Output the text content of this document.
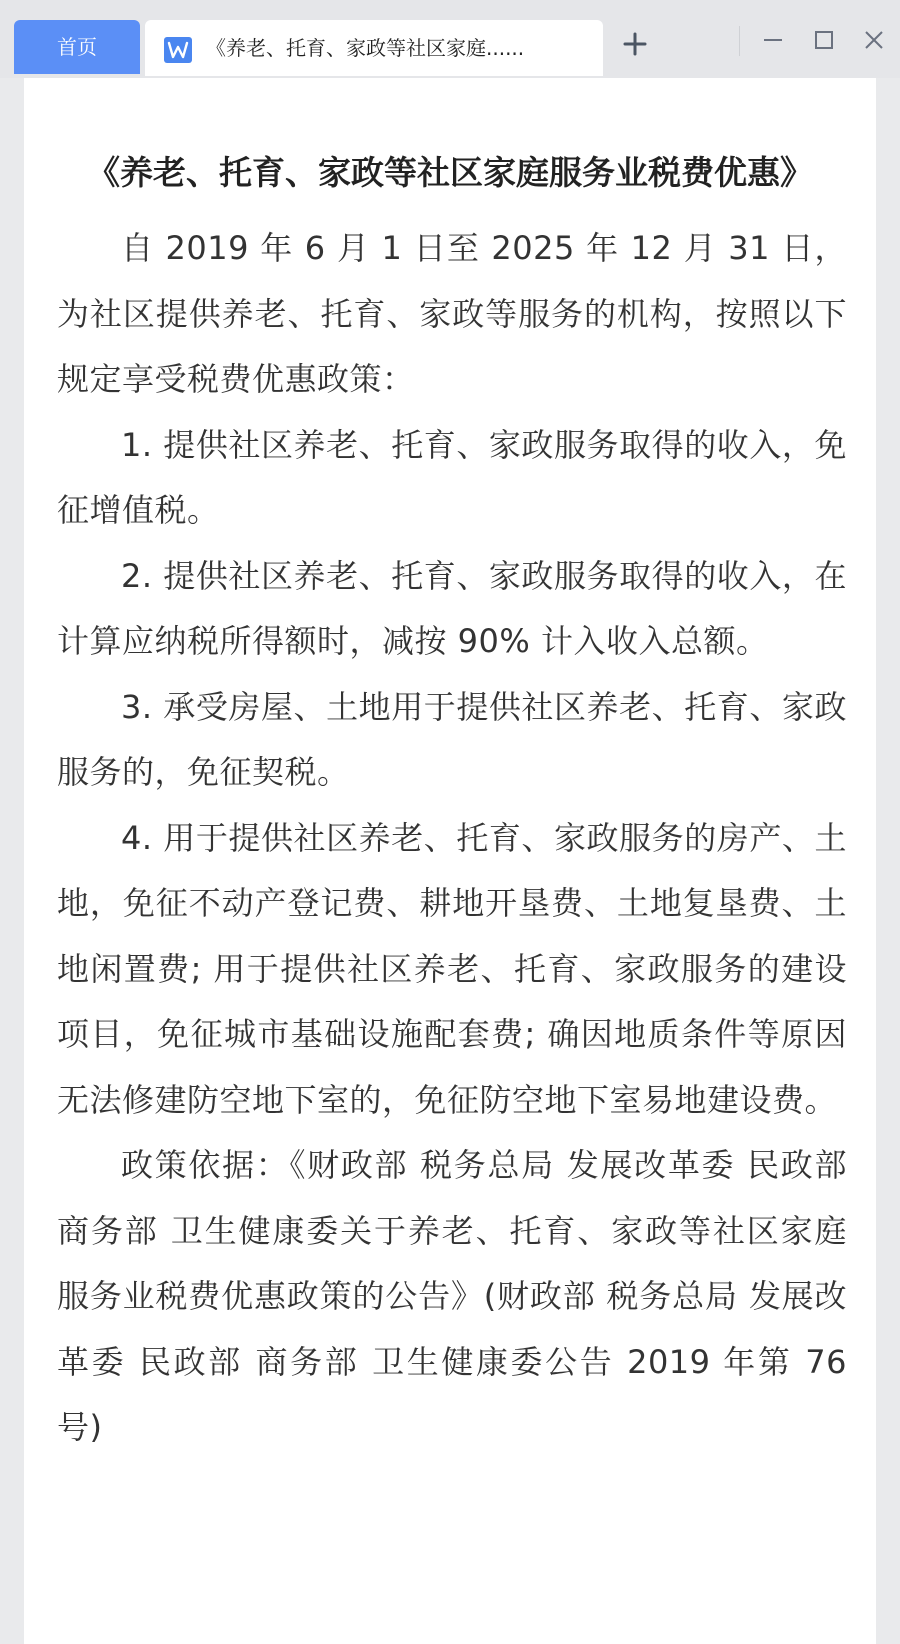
首页	《养老、托育、家政等社区家庭......
《养老、托育、家政等社区家庭服务业税费优惠》

自 2019 年 6 月 1 日至 2025 年 12 月 31 日，为社区提供养老、托育、家政等服务的机构，按照以下规定享受税费优惠政策：

1. 提供社区养老、托育、家政服务取得的收入，免征增值税。

2. 提供社区养老、托育、家政服务取得的收入，在计算应纳税所得额时，减按 90% 计入收入总额。

3. 承受房屋、土地用于提供社区养老、托育、家政服务的，免征契税。

4. 用于提供社区养老、托育、家政服务的房产、土地，免征不动产登记费、耕地开垦费、土地复垦费、土地闲置费; 用于提供社区养老、托育、家政服务的建设项目，免征城市基础设施配套费; 确因地质条件等原因无法修建防空地下室的，免征防空地下室易地建设费。

政策依据：《财政部 税务总局 发展改革委 民政部 商务部 卫生健康委关于养老、托育、家政等社区家庭服务业税费优惠政策的公告》(财政部 税务总局 发展改革委 民政部 商务部 卫生健康委公告 2019 年第 76 号)
